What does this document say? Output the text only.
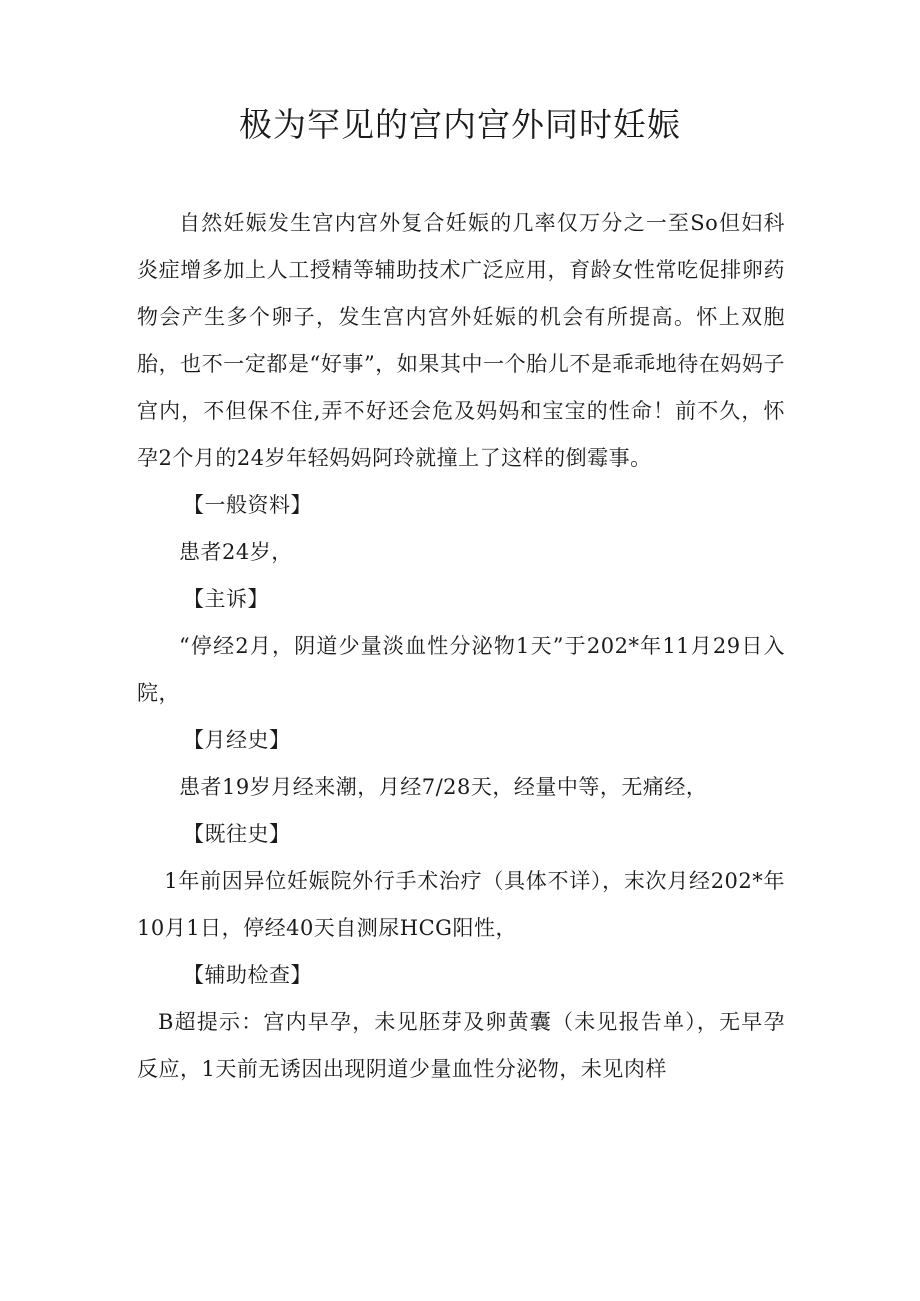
极为罕见的宫内宫外同时妊娠

自然妊娠发生宫内宫外复合妊娠的几率仅万分之一至So但妇科炎症增多加上人工授精等辅助技术广泛应用，育龄女性常吃促排卵药物会产生多个卵子，发生宫内宫外妊娠的机会有所提高。怀上双胞胎，也不一定都是“好事”，如果其中一个胎儿不是乖乖地待在妈妈子宫内，不但保不住,弄不好还会危及妈妈和宝宝的性命！前不久，怀孕2个月的24岁年轻妈妈阿玲就撞上了这样的倒霉事。

【一般资料】

患者24岁，

【主诉】

“停经2月，阴道少量淡血性分泌物1天”于202*年11月29日入院，

【月经史】

患者19岁月经来潮，月经7/28天，经量中等，无痛经，

【既往史】

1年前因异位妊娠院外行手术治疗（具体不详），末次月经202*年10月1日，停经40天自测尿HCG阳性，

【辅助检查】

B超提示：宫内早孕，未见胚芽及卵黄囊（未见报告单），无早孕反应，1天前无诱因出现阴道少量血性分泌物，未见肉样
